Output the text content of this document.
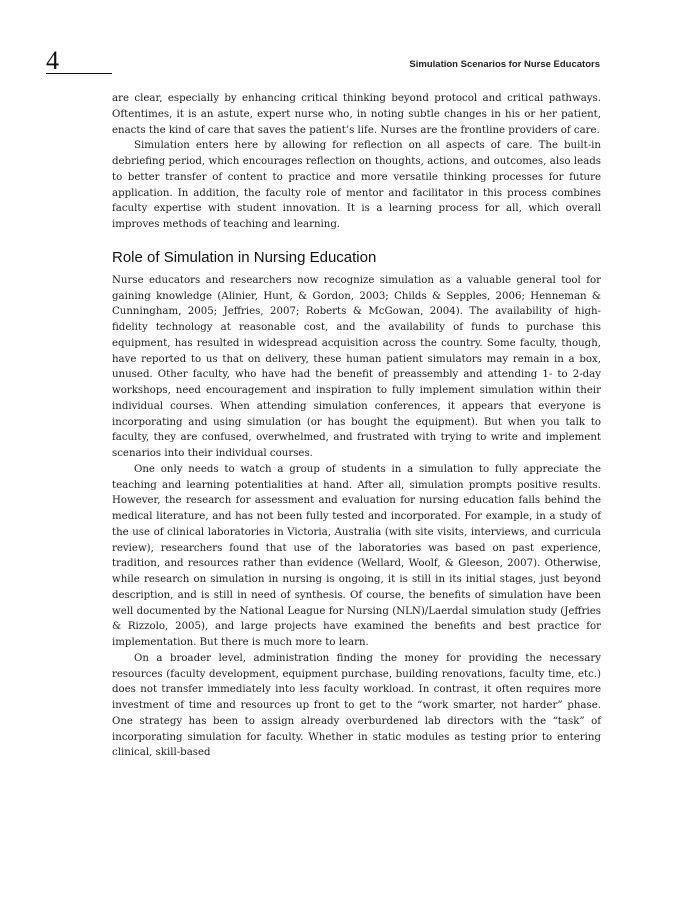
4	Simulation Scenarios for Nurse Educators

are clear, especially by enhancing critical thinking beyond protocol and critical pathways. Oftentimes, it is an astute, expert nurse who, in noting subtle changes in his or her patient, enacts the kind of care that saves the patient’s life. Nurses are the frontline providers of care.

Simulation enters here by allowing for reflection on all aspects of care. The built-in debriefing period, which encourages reflection on thoughts, actions, and outcomes, also leads to better transfer of content to practice and more versatile thinking processes for future application. In addition, the faculty role of mentor and facilitator in this process combines faculty expertise with student innovation. It is a learning process for all, which overall improves methods of teaching and learning.

Role of Simulation in Nursing Education

Nurse educators and researchers now recognize simulation as a valuable general tool for gaining knowledge (Alinier, Hunt, & Gordon, 2003; Childs & Sepples, 2006; Henneman & Cunningham, 2005; Jeffries, 2007; Roberts & McGowan, 2004). The availability of high-fidelity technology at reasonable cost, and the availability of funds to purchase this equipment, has resulted in widespread acquisition across the country. Some faculty, though, have reported to us that on delivery, these human patient simulators may remain in a box, unused. Other faculty, who have had the benefit of preassembly and attending 1- to 2-day workshops, need encouragement and inspiration to fully implement simulation within their individual courses. When attending simulation conferences, it appears that everyone is incorporating and using simulation (or has bought the equipment). But when you talk to faculty, they are confused, overwhelmed, and frustrated with trying to write and implement scenarios into their individual courses.

One only needs to watch a group of students in a simulation to fully appreciate the teaching and learning potentialities at hand. After all, simulation prompts positive results. However, the research for assessment and evaluation for nursing education falls behind the medical literature, and has not been fully tested and incorporated. For example, in a study of the use of clinical laboratories in Victoria, Australia (with site visits, interviews, and curricula review), researchers found that use of the laboratories was based on past experience, tradition, and resources rather than evidence (Wellard, Woolf, & Gleeson, 2007). Otherwise, while research on simulation in nursing is ongoing, it is still in its initial stages, just beyond description, and is still in need of synthesis. Of course, the benefits of simulation have been well documented by the National League for Nursing (NLN)/Laerdal simulation study (Jeffries & Rizzolo, 2005), and large projects have examined the benefits and best practice for implementation. But there is much more to learn.

On a broader level, administration finding the money for providing the necessary resources (faculty development, equipment purchase, building renovations, faculty time, etc.) does not transfer immediately into less faculty workload. In contrast, it often requires more investment of time and resources up front to get to the “work smarter, not harder” phase. One strategy has been to assign already overburdened lab directors with the “task” of incorporating simulation for faculty. Whether in static modules as testing prior to entering clinical, skill-based
